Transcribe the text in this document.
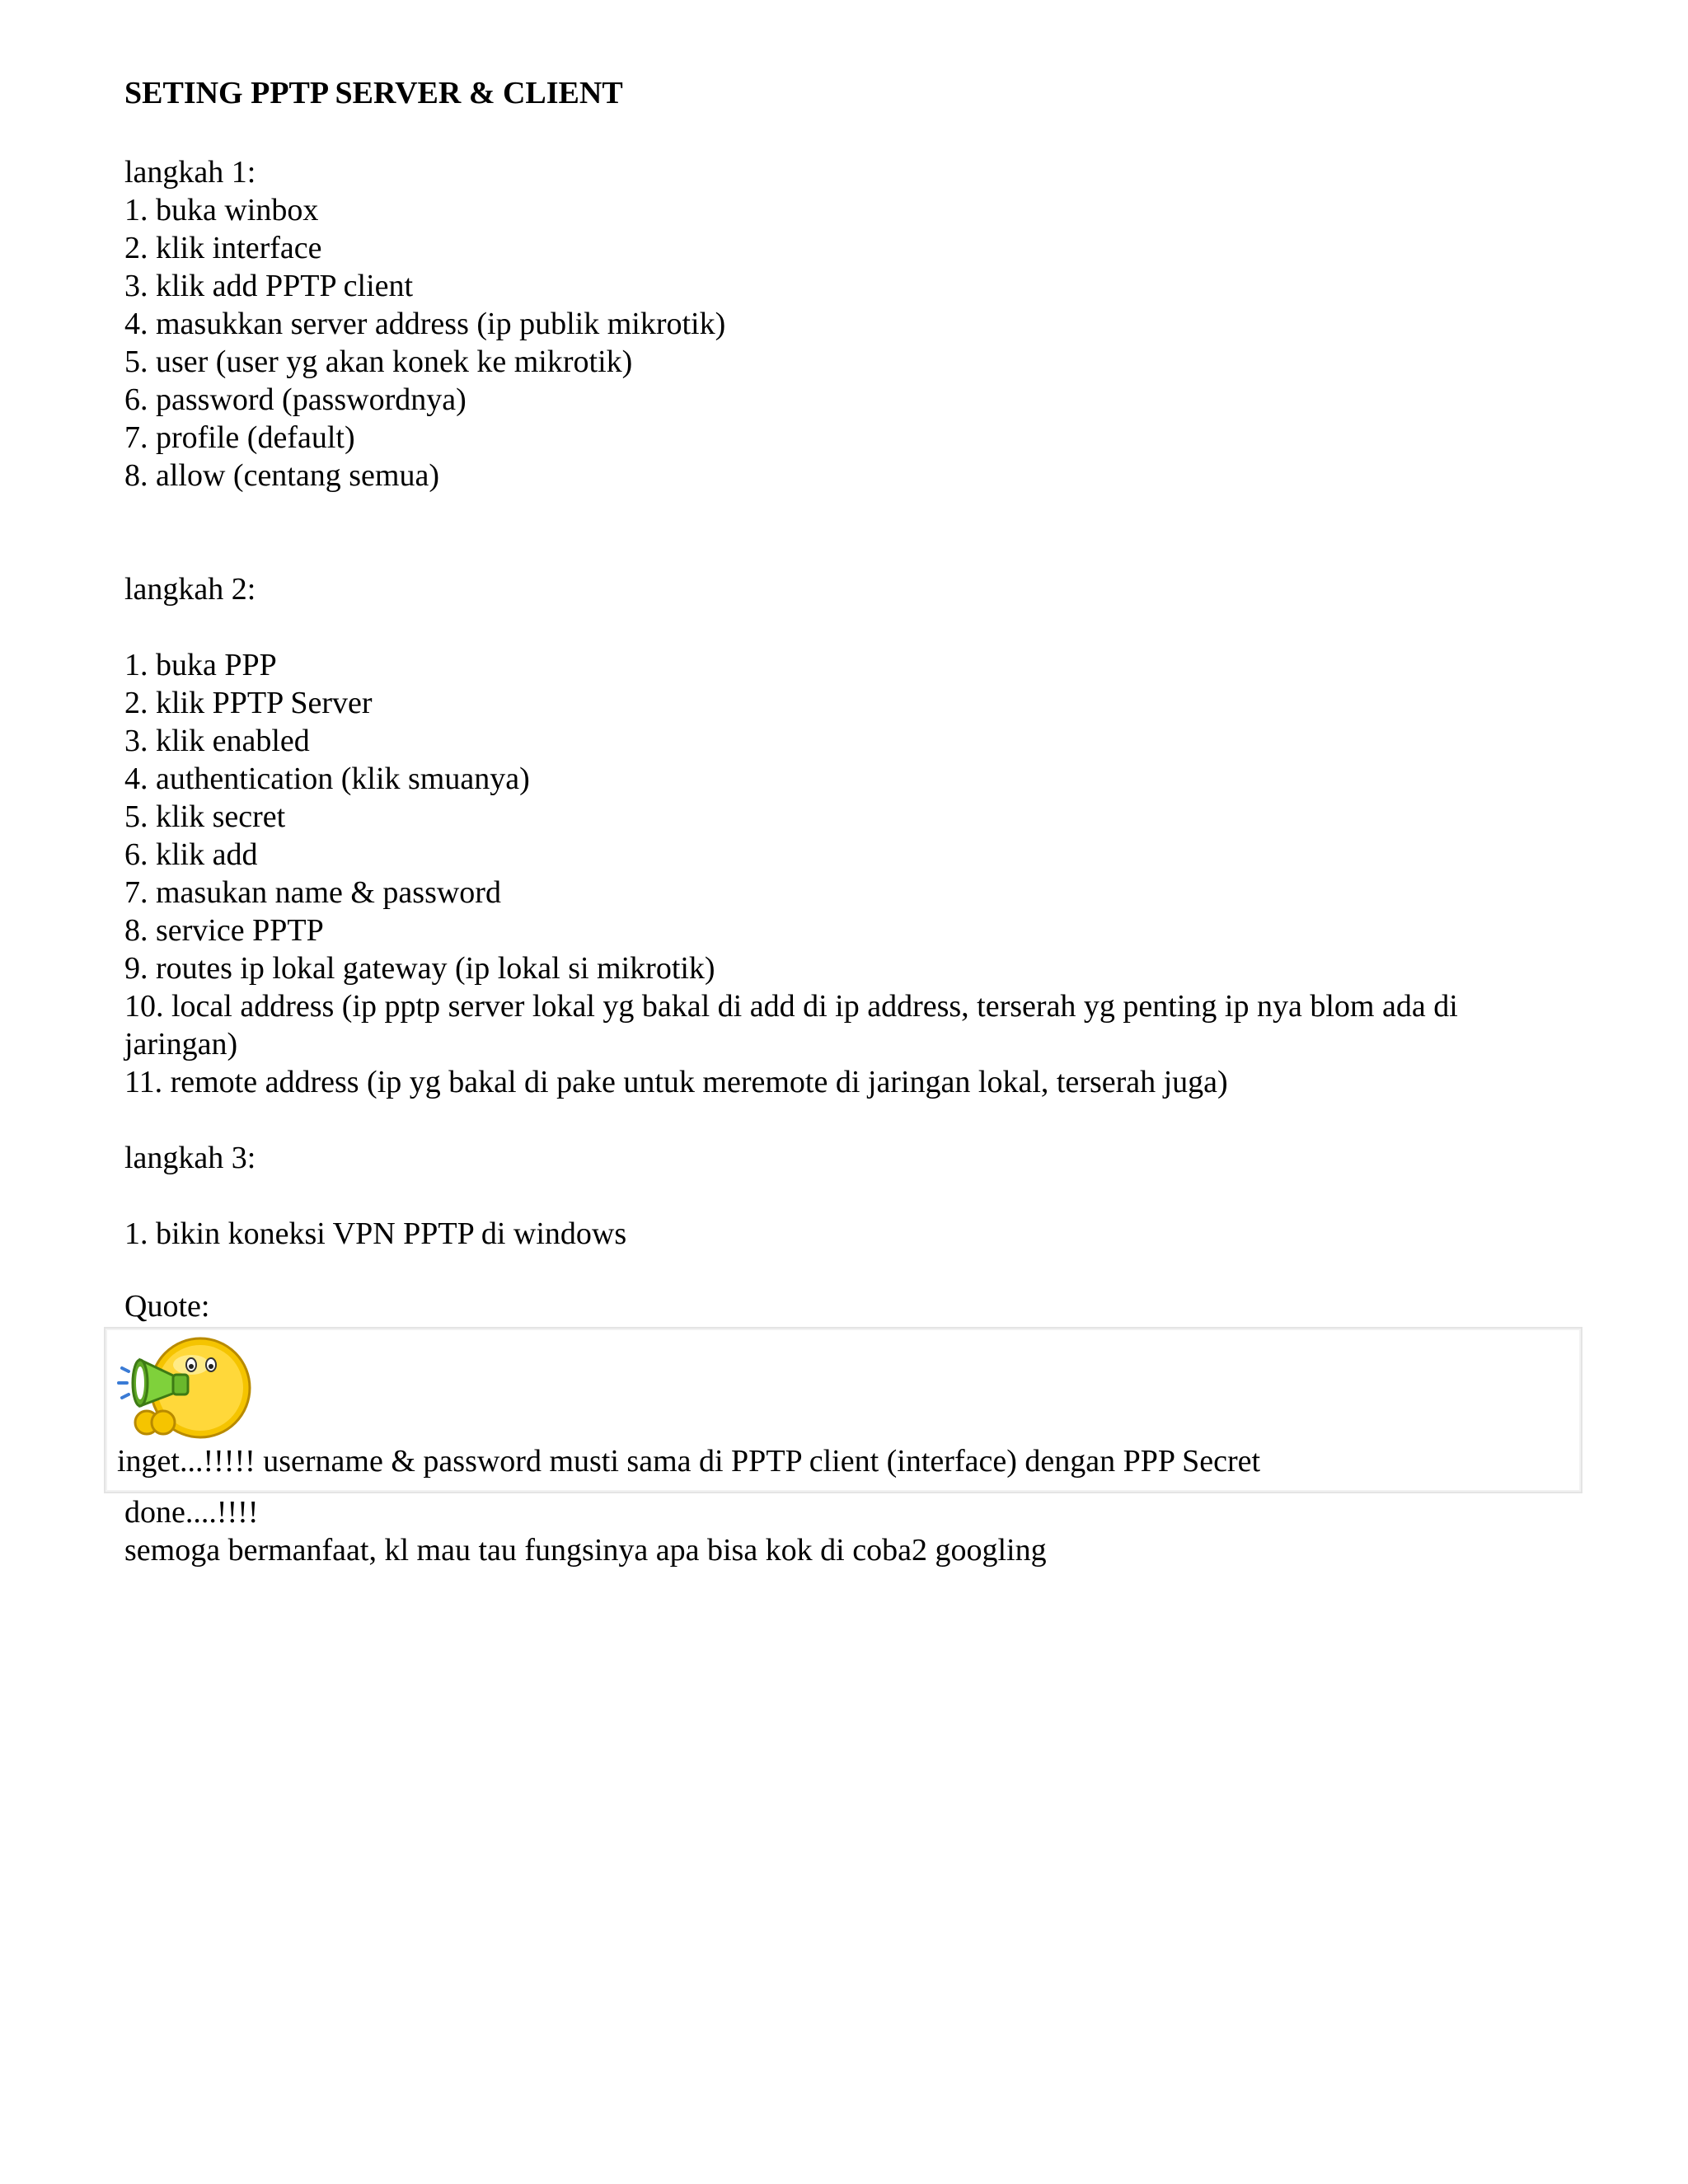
SETING PPTP SERVER & CLIENT

langkah 1:

1. buka winbox

2. klik interface

3. klik add PPTP client

4. masukkan server address (ip publik mikrotik)

5. user (user yg akan konek ke mikrotik)

6. password (passwordnya)

7. profile (default)

8. allow (centang semua)

langkah 2:

1. buka PPP

2. klik PPTP Server

3. klik enabled

4. authentication (klik smuanya)

5. klik secret

6. klik add

7. masukan name & password

8. service PPTP

9. routes ip lokal gateway (ip lokal si mikrotik)

10. local address (ip pptp server lokal yg bakal di add di ip address, terserah yg penting ip nya blom ada di jaringan)

11. remote address (ip yg bakal di pake untuk meremote di jaringan lokal, terserah juga)

langkah 3:

1. bikin koneksi VPN PPTP di windows

Quote:

inget...!!!!! username & password musti sama di PPTP client (interface) dengan PPP Secret

done....!!!!

semoga bermanfaat, kl mau tau fungsinya apa bisa kok di coba2 googling
